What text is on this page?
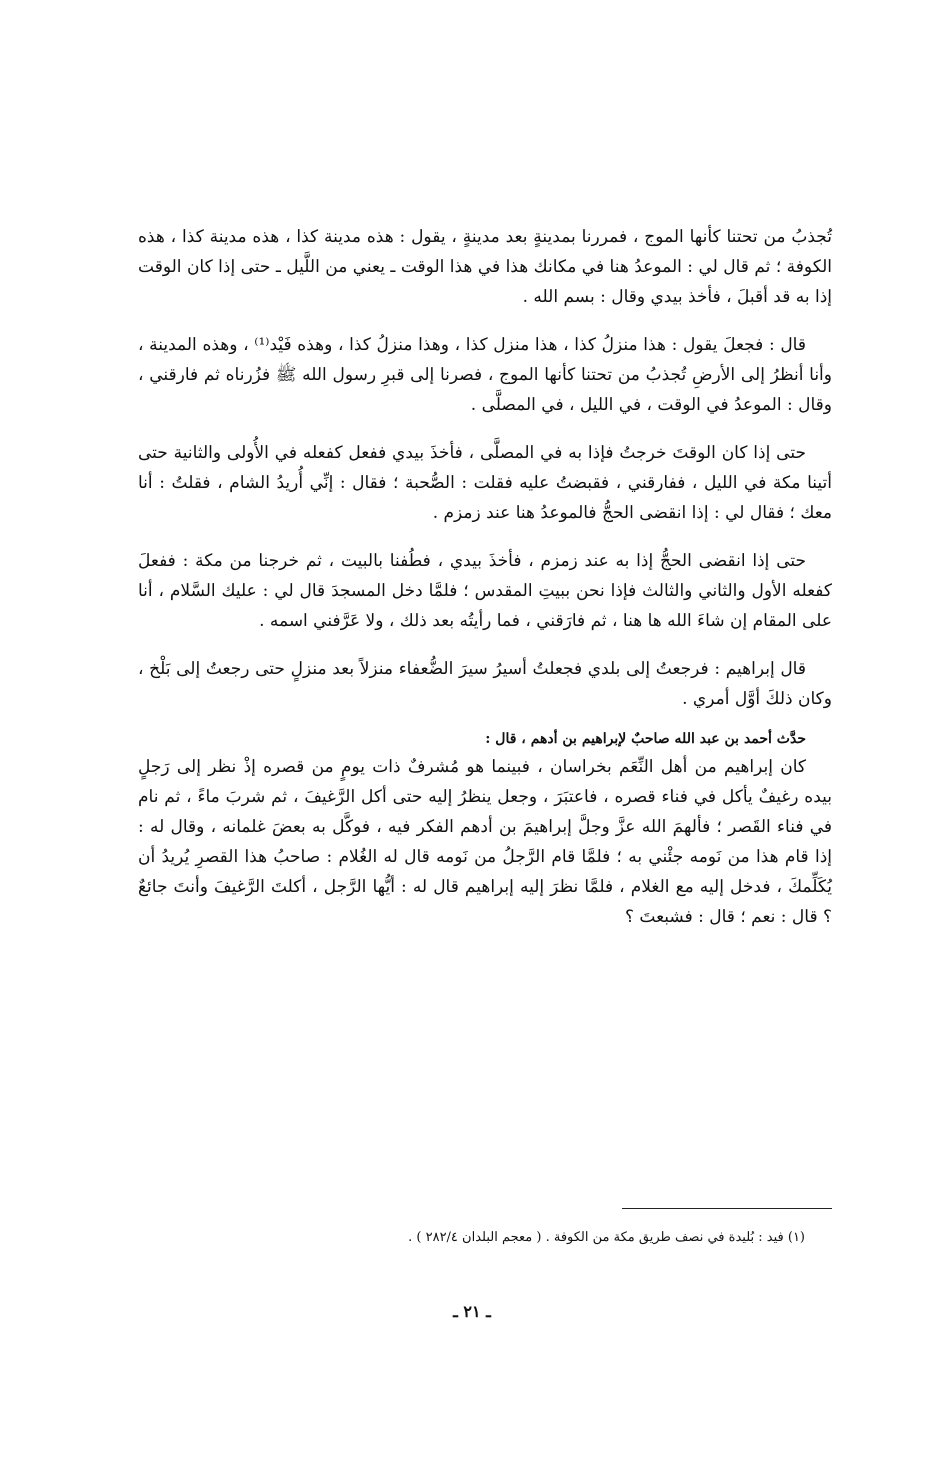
تُجذبُ من تحتنا كأنها الموج ، فمررنا بمدينةٍ بعد مدينةٍ ، يقول : هذه مدينة كذا ، هذه مدينة كذا ، هذه الكوفة ؛ ثم قال لي : الموعدُ هنا في مكانك هذا في هذا الوقت ـ يعني من اللَّيل ـ حتى إذا كان الوقت إذا به قد أقبلَ ، فأخذ بيدي وقال : بسم الله .

قال : فجعلَ يقول : هذا منزلُ كذا ، هذا منزل كذا ، وهذا منزلُ كذا ، وهذه فَيْد⁽¹⁾ ، وهذه المدينة ، وأنا أنظرُ إلى الأرضِ تُجذبُ من تحتنا كأنها الموج ، فصرنا إلى قبرِ رسول الله ﷺ فزُرناه ثم فارقني ، وقال : الموعدُ في الوقت ، في الليل ، في المصلَّى .

حتى إذا كان الوقتَ خرجتُ فإذا به في المصلَّى ، فأخذَ بيدي ففعل كفعله في الأُولى والثانية حتى أتينا مكة في الليل ، ففارقني ، فقبضتُ عليه فقلت : الصُّحبة ؛ فقال : إنِّي أُريدُ الشام ، فقلتُ : أنا معك ؛ فقال لي : إذا انقضى الحجُّ فالموعدُ هنا عند زمزم .

حتى إذا انقضى الحجُّ إذا به عند زمزم ، فأخذَ بيدي ، فطُفنا بالبيت ، ثم خرجنا من مكة : ففعلَ كفعله الأول والثاني والثالث فإذا نحن ببيتِ المقدس ؛ فلمَّا دخل المسجدَ قال لي : عليك السَّلام ، أنا على المقام إن شاءَ الله ها هنا ، ثم فارَقني ، فما رأيتُه بعد ذلك ، ولا عَرَّفني اسمه .

قال إبراهيم : فرجعتُ إلى بلدي فجعلتُ أسيرُ سيرَ الضُّعفاء منزلاً بعد منزلٍ حتى رجعتُ إلى بَلْخ ، وكان ذلكَ أوَّل أمري .

حدَّث أحمد بن عبد الله صاحبٌ لإبراهيم بن أدهم ، قال :

كان إبراهيم من أهل النِّعَم بخراسان ، فبينما هو مُشرفٌ ذات يومٍ من قصره إذْ نظر إلى رَجلٍ بيده رغيفٌ يأكل في فناء قصره ، فاعتبَرَ ، وجعل ينظرُ إليه حتى أكل الرَّغيفَ ، ثم شربَ ماءً ، ثم نام في فناء القَصر ؛ فألهمَ الله عزَّ وجلَّ إبراهيمَ بن أدهم الفكر فيه ، فوكَّل به بعضَ غلمانه ، وقال له : إذا قام هذا من نَومه جئْني به ؛ فلمَّا قام الرَّجلُ من نَومه قال له الغُلام : صاحبُ هذا القصرِ يُريدُ أن يُكَلِّمكَ ، فدخل إليه مع الغلام ، فلمَّا نظرَ إليه إبراهيم قال له : أيُّها الرَّجل ، أكلتَ الرَّغيفَ وأنتَ جائعٌ ؟ قال : نعم ؛ قال : فشبعتَ ؟

(١) فيد : بُليدة في نصف طريق مكة من الكوفة . ( معجم البلدان ٢٨٢/٤ ) .
ـ ٢١ ـ
